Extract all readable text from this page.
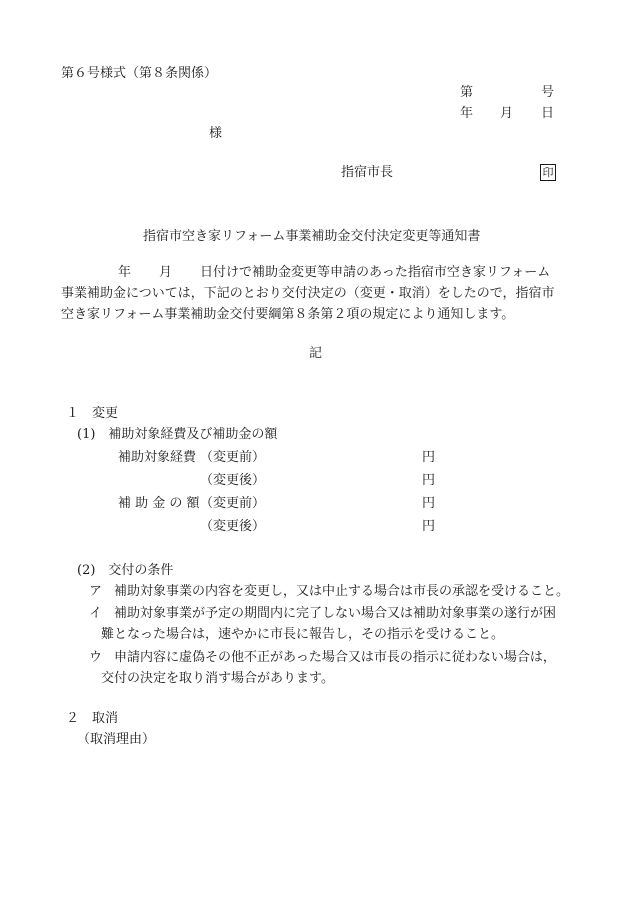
第６号様式（第８条関係）
第	号
年 月 日
様
指宿市長	印
指宿市空き家リフォーム事業補助金交付決定変更等通知書
年 月 日付けで補助金変更等申請のあった指宿市空き家リフォーム
事業補助金については，下記のとおり交付決定の（変更・取消）をしたので，指宿市
空き家リフォーム事業補助金交付要綱第８条第２項の規定により通知します。
記
１　変更
(1)　補助対象経費及び補助金の額
補助対象経費 （変更前）	円
（変更後）	円
補 助 金 の 額 （変更前）	円
（変更後）	円
(2)　交付の条件
ア 補助対象事業の内容を変更し，又は中止する場合は市長の承認を受けること。
イ 補助対象事業が予定の期間内に完了しない場合又は補助対象事業の遂行が困
難となった場合は，速やかに市長に報告し，その指示を受けること。
ウ 申請内容に虚偽その他不正があった場合又は市長の指示に従わない場合は，
交付の決定を取り消す場合があります。
２　取消
（取消理由）
